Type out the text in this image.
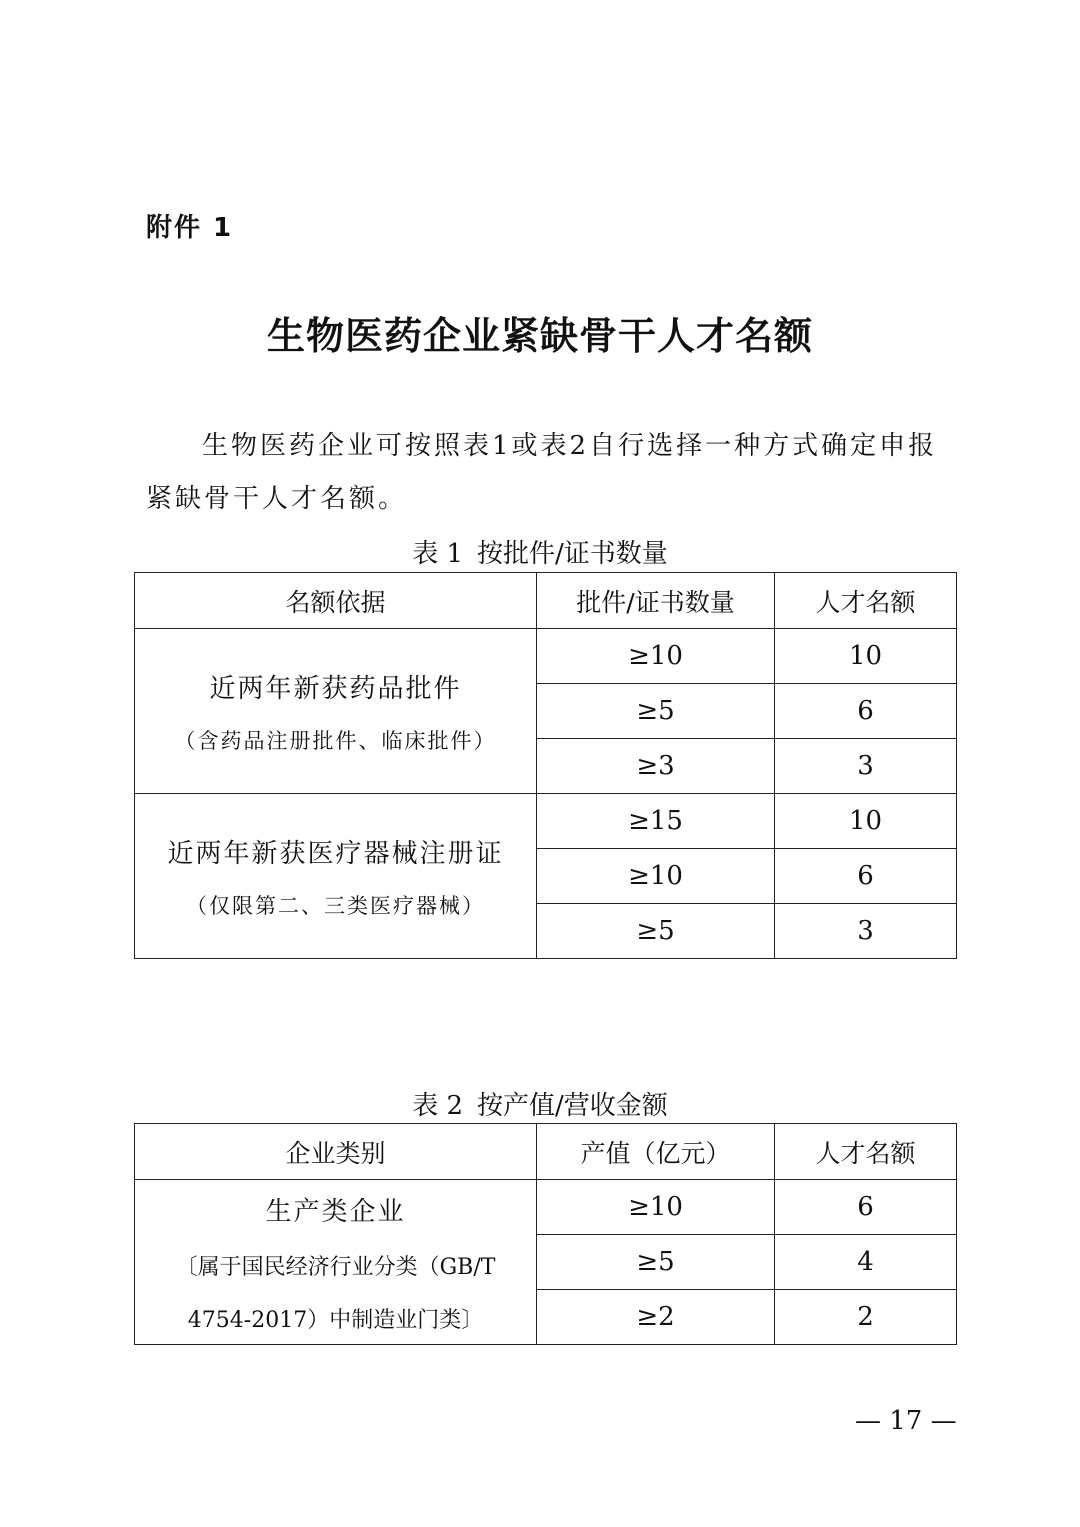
附件 1
生物医药企业紧缺骨干人才名额

生物医药企业可按照表1或表2自行选择一种方式确定申报紧缺骨干人才名额。

表 1 按批件/证书数量
名额依据	批件/证书数量	人才名额

近两年新获药品批件
（含药品注册批件、临床批件）	≥10	10
	≥5	6
	≥3	3

近两年新获医疗器械注册证
（仅限第二、三类医疗器械）	≥15	10
	≥10	6
	≥5	3
表 2 按产值/营收金额
企业类别	产值（亿元）	人才名额

生产类企业
〔属于国民经济行业分类（GB/T
4754-2017）中制造业门类〕	≥10	6
	≥5	4
	≥2	2
— 17 —
